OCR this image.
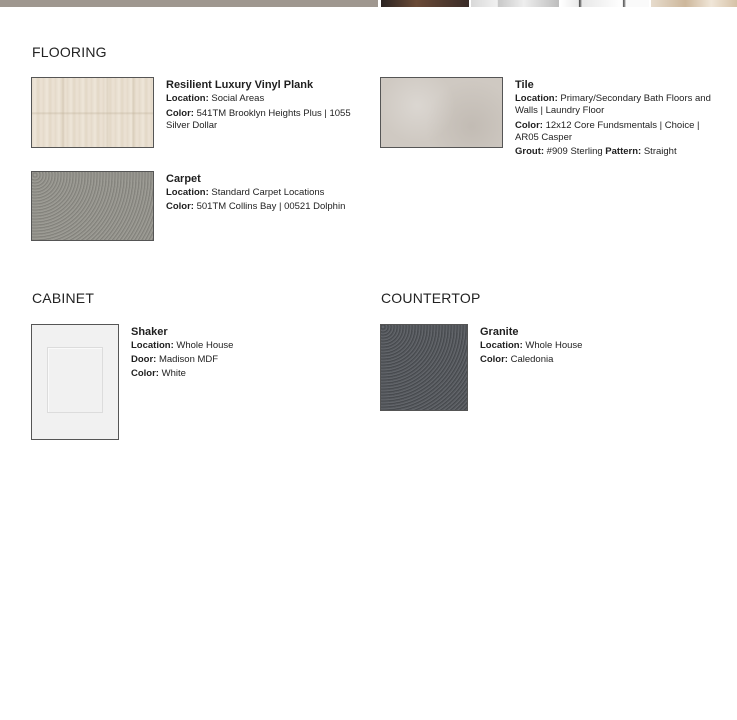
FLOORING
Resilient Luxury Vinyl Plank

Location: Social Areas

Color: 541TM Brooklyn Heights Plus | 1055 Silver Dollar

Tile

Location: Primary/Secondary Bath Floors and Walls | Laundry Floor

Color: 12x12 Core Fundsmentals | Choice | AR05 Casper

Grout: #909 Sterling Pattern: Straight

Carpet

Location: Standard Carpet Locations

Color: 501TM Collins Bay | 00521 Dolphin

CABINET
Shaker

Location: Whole House

Door: Madison MDF

Color: White

COUNTERTOP
Granite

Location: Whole House

Color: Caledonia
